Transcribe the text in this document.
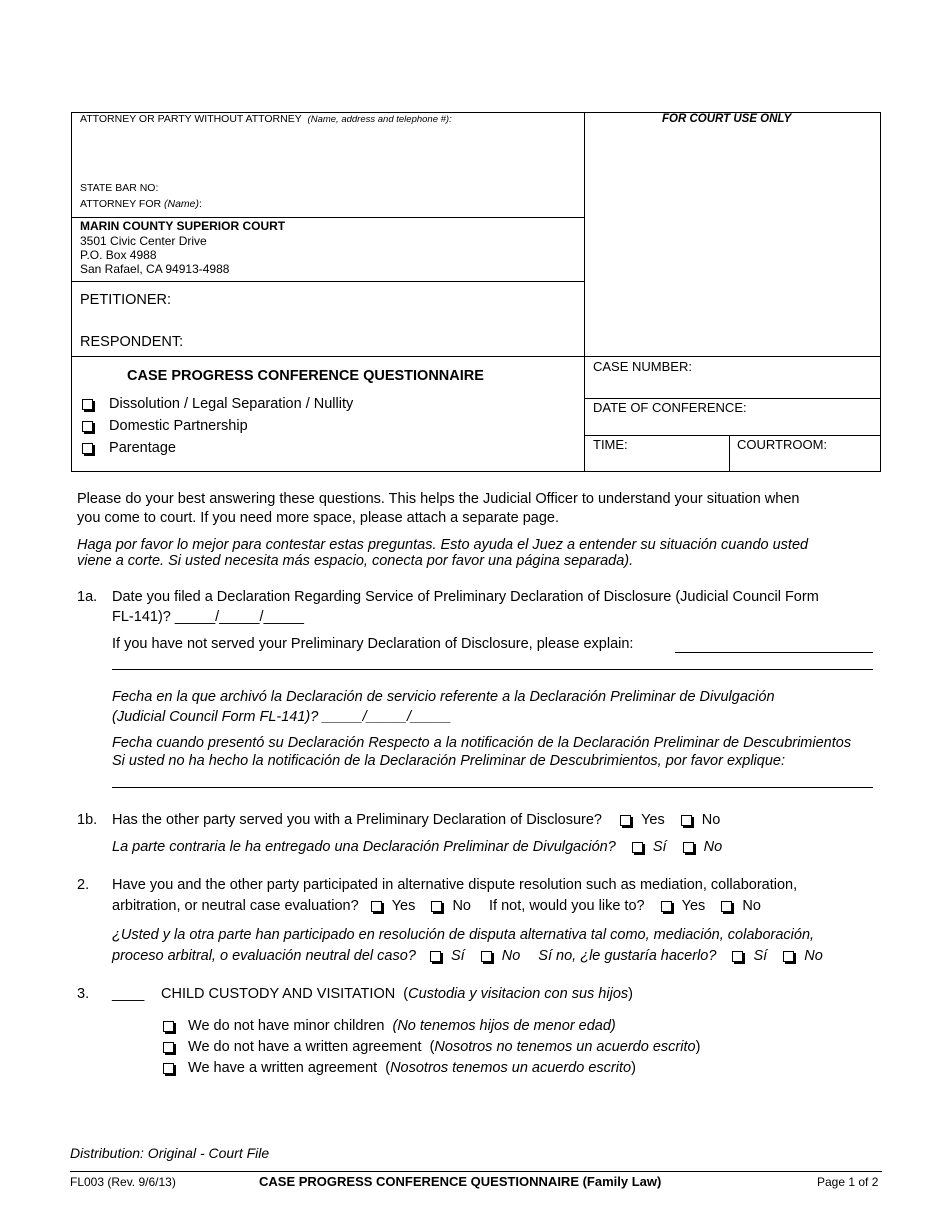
ATTORNEY OR PARTY WITHOUT ATTORNEY (Name, address and telephone #):
STATE BAR NO:
ATTORNEY FOR (Name):
FOR COURT USE ONLY
MARIN COUNTY SUPERIOR COURT
3501 Civic Center Drive
P.O. Box 4988
San Rafael, CA 94913-4988
PETITIONER:
RESPONDENT:
CASE PROGRESS CONFERENCE QUESTIONNAIRE
Dissolution / Legal Separation / Nullity
Domestic Partnership
Parentage
CASE NUMBER:
DATE OF CONFERENCE:
TIME:	COURTROOM:
Please do your best answering these questions. This helps the Judicial Officer to understand your situation when
you come to court. If you need more space, please attach a separate page.
Haga por favor lo mejor para contestar estas preguntas. Esto ayuda el Juez a entender su situación cuando usted
viene a corte. Si usted necesita más espacio, conecta por favor una página separada).
1a. Date you filed a Declaration Regarding Service of Preliminary Declaration of Disclosure (Judicial Council Form
FL-141)? _____/_____/_____
If you have not served your Preliminary Declaration of Disclosure, please explain:
Fecha en la que archivó la Declaración de servicio referente a la Declaración Preliminar de Divulgación
(Judicial Council Form FL-141)? _____/_____/_____
Fecha cuando presentó su Declaración Respecto a la notificación de la Declaración Preliminar de Descubrimientos
Si usted no ha hecho la notificación de la Declaración Preliminar de Descubrimientos, por favor explique:
1b. Has the other party served you with a Preliminary Declaration of Disclosure?	Yes	No
La parte contraria le ha entregado una Declaración Preliminar de Divulgación?	Sí	No
2. Have you and the other party participated in alternative dispute resolution such as mediation, collaboration,
arbitration, or neutral case evaluation? Yes	No If not, would you like to?	Yes	No
¿Usted y la otra parte han participado en resolución de disputa alternativa tal como, mediación, colaboración,
proceso arbitral, o evaluación neutral del caso? Sí	No Sí no, ¿le gustaría hacerlo?	Sí	No
3. ____ CHILD CUSTODY AND VISITATION (Custodia y visitacion con sus hijos)
We do not have minor children (No tenemos hijos de menor edad)
We do not have a written agreement  (Nosotros no tenemos un acuerdo escrito)
We have a written agreement  (Nosotros tenemos un acuerdo escrito)
Distribution: Original - Court File
FL003 (Rev. 9/6/13)	CASE PROGRESS CONFERENCE QUESTIONNAIRE (Family Law)	Page 1 of 2
